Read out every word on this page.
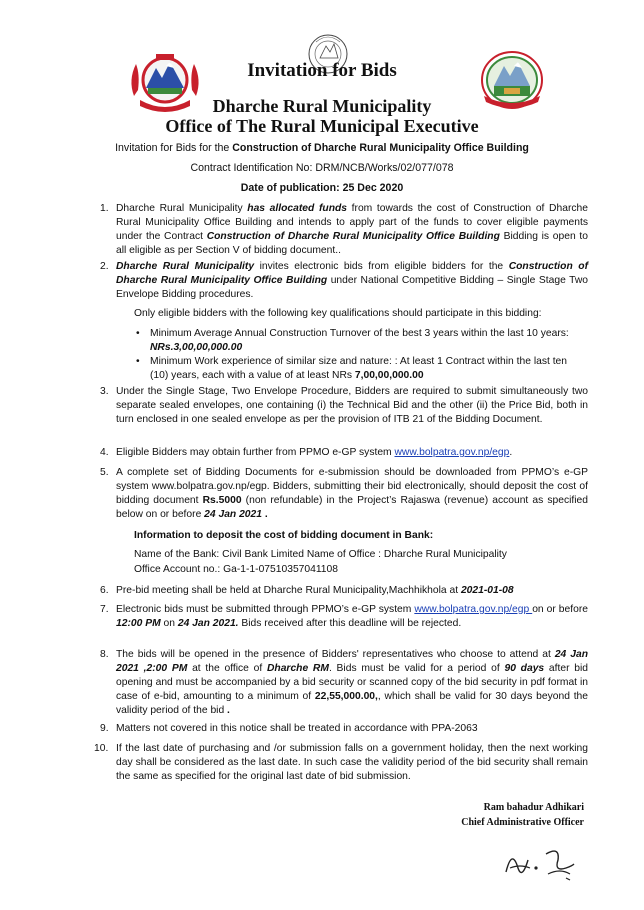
Invitation for Bids
Dharche Rural Municipality
Office of The Rural Municipal Executive
Invitation for Bids for the Construction of Dharche Rural Municipality Office Building
Contract Identification No: DRM/NCB/Works/02/077/078
Date of publication: 25 Dec 2020
1. Dharche Rural Municipality has allocated funds from towards the cost of Construction of Dharche Rural Municipality Office Building and intends to apply part of the funds to cover eligible payments under the Contract Construction of Dharche Rural Municipality Office Building Bidding is open to all eligible as per Section V of bidding document..
2. Dharche Rural Municipality invites electronic bids from eligible bidders for the Construction of Dharche Rural Municipality Office Building under National Competitive Bidding – Single Stage Two Envelope Bidding procedures.
Only eligible bidders with the following key qualifications should participate in this bidding:
• Minimum Average Annual Construction Turnover of the best 3 years within the last 10 years: NRs.3,00,00,000.00
• Minimum Work experience of similar size and nature: : At least 1 Contract within the last ten (10) years, each with a value of at least NRs 7,00,00,000.00
3. Under the Single Stage, Two Envelope Procedure, Bidders are required to submit simultaneously two separate sealed envelopes, one containing (i) the Technical Bid and the other (ii) the Price Bid, both in turn enclosed in one sealed envelope as per the provision of ITB 21 of the Bidding Document.
4. Eligible Bidders may obtain further from PPMO e-GP system www.bolpatra.gov.np/egp.
5. A complete set of Bidding Documents for e-submission should be downloaded from PPMO’s e-GP system www.bolpatra.gov.np/egp. Bidders, submitting their bid electronically, should deposit the cost of bidding document Rs.5000 (non refundable) in the Project’s Rajaswa (revenue) account as specified below on or before 24 Jan 2021 .
Information to deposit the cost of bidding document in Bank:
Name of the Bank: Civil Bank Limited Name of Office : Dharche Rural Municipality
Office Account no.: Ga-1-1-07510357041108
6. Pre-bid meeting shall be held at Dharche Rural Municipality,Machhikhola at 2021-01-08
7. Electronic bids must be submitted through PPMO’s e-GP system www.bolpatra.gov.np/egp on or before 12:00 PM on 24 Jan 2021. Bids received after this deadline will be rejected.
8. The bids will be opened in the presence of Bidders' representatives who choose to attend at 24 Jan 2021 ,2:00 PM at the office of Dharche RM. Bids must be valid for a period of 90 days after bid opening and must be accompanied by a bid security or scanned copy of the bid security in pdf format in case of e-bid, amounting to a minimum of 22,55,000.00,, which shall be valid for 30 days beyond the validity period of the bid .
9. Matters not covered in this notice shall be treated in accordance with PPA-2063
10. If the last date of purchasing and /or submission falls on a government holiday, then the next working day shall be considered as the last date. In such case the validity period of the bid security shall remain the same as specified for the original last date of bid submission.
Ram bahadur Adhikari
Chief Administrative Officer
